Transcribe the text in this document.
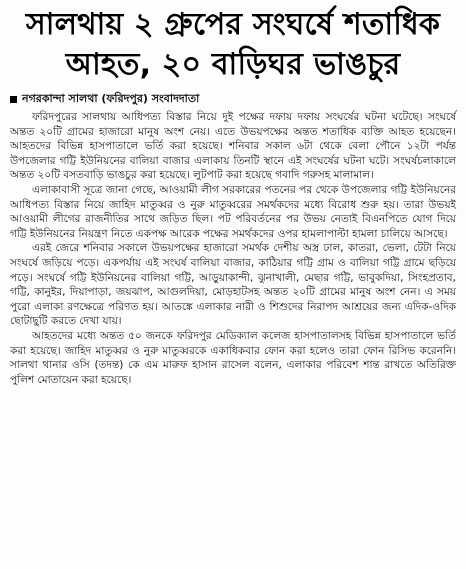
সালথায় ২ গ্রুপের সংঘর্ষে শতাধিক
আহত, ২০ বাড়িঘর ভাঙচুর
নগরকান্দা সালথা (ফরিদপুর) সংবাদদাতা

ফরিদপুরের সালথায় আধিপত্য বিস্তার নিয়ে দুই পক্ষের দফায় দফায় সংঘর্ষের ঘটনা ঘটেছে। সংঘর্ষে অন্তত ২০টি গ্রামের হাজারো মানুষ অংশ নেয়। এতে উভয়পক্ষের অন্তত শতাধিক ব্যক্তি আহত হয়েছেন। আহতদের বিভিন্ন হাসপাতালে ভর্তি করা হয়েছে। শনিবার সকাল ৬টা থেকে বেলা পৌনে ১২টা পর্যন্ত উপজেলার গট্টি ইউনিয়নের বালিয়া বাজার এলাকায় তিনটি স্থানে এই সংঘর্ষের ঘটনা ঘটে। সংঘর্ষচলাকালে অন্তত ২০টি বসতবাড়ি ভাঙচুর করা হয়েছে। লুটপাট করা হয়েছে গবাদি গরুসহ মালামাল।

এলাকাবাসী সূত্রে জানা গেছে, আওয়ামী লীগ সরকারের পতনের পর থেকে উপজেলার গট্টি ইউনিয়নের আধিপত্য বিস্তার নিয়ে জাহিদ মাতুব্বর ও নুরু মাতুব্বরের সমর্থকদের মধ্যে বিরোধ শুরু হয়। তারা উভয়ই আওয়ামী লীগের রাজনীতির সাথে জড়িত ছিল। পট পরিবর্তনের পর উভয় নেতাই বিএনপিতে যোগ দিয়ে গট্টি ইউনিয়নের নিয়ন্ত্রণ নিতে একপক্ষ আরেক পক্ষের সমর্থকদের ওপর হামলাপাল্টা হামলা চালিয়ে আসছে।

এরই জেরে শনিবার সকালে উভয়পক্ষের হাজারো সমর্থক দেশীয় অস্ত্র ঢাল, কাতরা, ভেলা, টেটা নিয়ে সংঘর্ষে জড়িয়ে পড়ে। একপর্যায় এই সংঘর্ষ বালিয়া বাজার, কাঠিয়ার গট্টি গ্রাম ও বালিয়া গট্টি গ্রামে ছড়িয়ে পড়ে। সংঘর্ষে গট্টি ইউনিয়নের বালিয়া গট্টি, আড়ুয়াকান্দী, ঝুনাখালী, মেছার গট্টি, ভাবুকদিয়া, সিংহপ্রতাব, গট্টি, কানুইর, দিয়াপাড়া, জয়ঝাপ, আগুলদিয়া, মোড়হাটসহ অন্তত ২০টি গ্রামের মানুষ অংশ নেন। এ সময় পুরো এলাকা রণক্ষেত্রে পরিণত হয়। আতঙ্কে এলাকার নারী ও শিশুদের নিরাপদ আশ্রয়ের জন্য এদিক-ওদিক ছোটাছুটি করতে দেখা যায়।

আহতদের মধ্যে অন্তত ৫০ জনকে ফরিদপুর মেডিক্যাল কলেজ হাসপাতালসহ বিভিন্ন হাসপাতালে ভর্তি করা হয়েছে। জাহিদ মাতুব্বর ও নুরু মাতুব্বরকে একাধিকবার ফোন করা হলেও তারা ফোন রিসিভ করেননি। সালথা থানার ওসি (তদন্ত) কে এম মারুফ হাসান রাসেল বলেন, এলাকার পরিবেশ শান্ত রাখতে অতিরিক্ত পুলিশ মোতায়েন করা হয়েছে।
